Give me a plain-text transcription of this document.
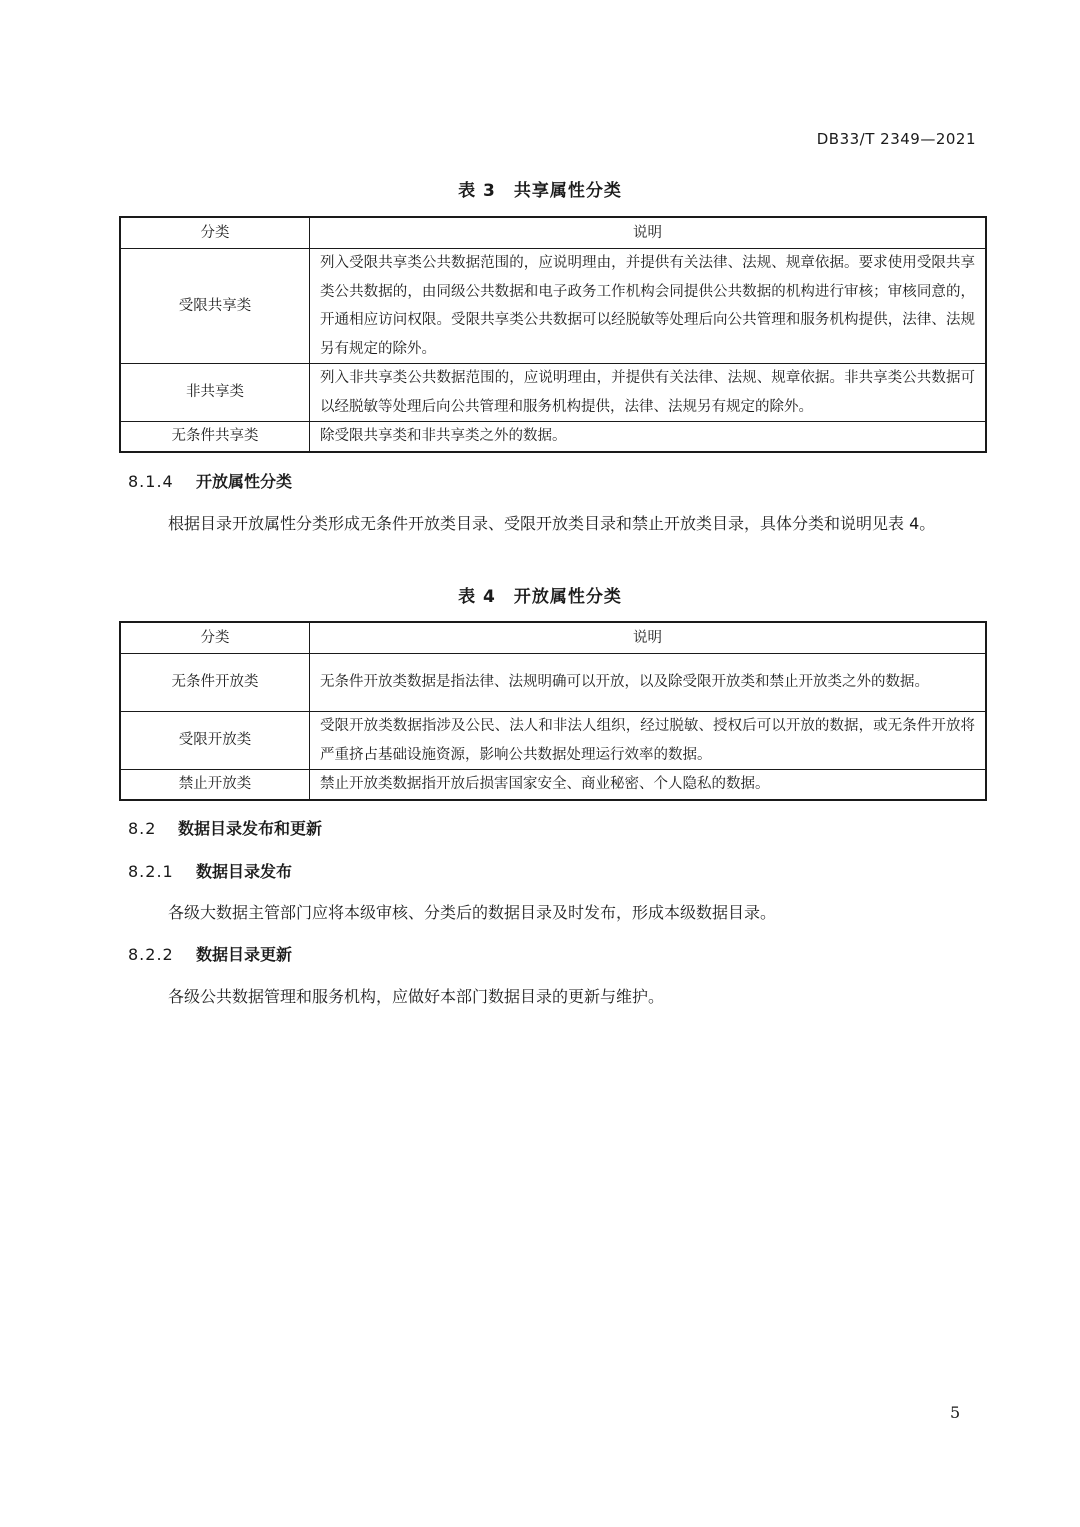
DB33/T 2349—2021
表 3　共享属性分类
分类	说明
受限共享类	列入受限共享类公共数据范围的，应说明理由，并提供有关法律、法规、规章依据。要求使用受限共享类公共数据的，由同级公共数据和电子政务工作机构会同提供公共数据的机构进行审核；审核同意的，开通相应访问权限。受限共享类公共数据可以经脱敏等处理后向公共管理和服务机构提供，法律、法规另有规定的除外。
非共享类	列入非共享类公共数据范围的，应说明理由，并提供有关法律、法规、规章依据。非共享类公共数据可以经脱敏等处理后向公共管理和服务机构提供，法律、法规另有规定的除外。
无条件共享类	除受限共享类和非共享类之外的数据。
8.1.4 开放属性分类
根据目录开放属性分类形成无条件开放类目录、受限开放类目录和禁止开放类目录，具体分类和说明见表 4。
表 4　开放属性分类
分类	说明
无条件开放类	无条件开放类数据是指法律、法规明确可以开放，以及除受限开放类和禁止开放类之外的数据。
受限开放类	受限开放类数据指涉及公民、法人和非法人组织，经过脱敏、授权后可以开放的数据，或无条件开放将严重挤占基础设施资源，影响公共数据处理运行效率的数据。
禁止开放类	禁止开放类数据指开放后损害国家安全、商业秘密、个人隐私的数据。
8.2 数据目录发布和更新
8.2.1 数据目录发布
各级大数据主管部门应将本级审核、分类后的数据目录及时发布，形成本级数据目录。
8.2.2 数据目录更新
各级公共数据管理和服务机构，应做好本部门数据目录的更新与维护。
5
